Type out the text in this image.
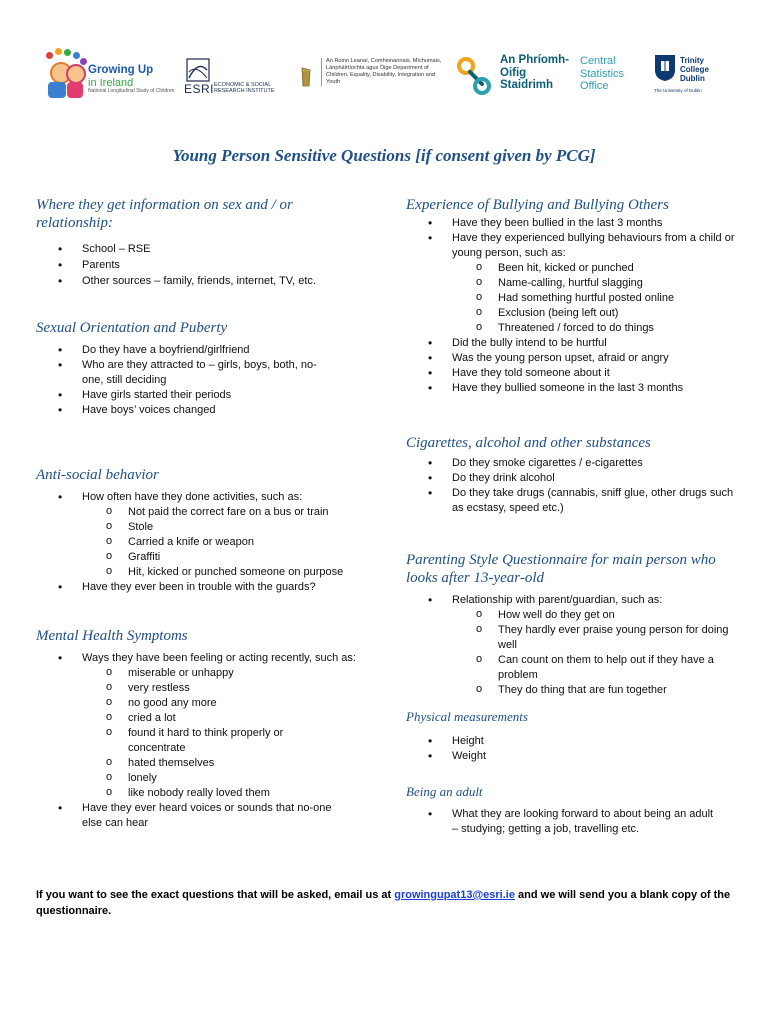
Growing Up
in Ireland
National Longitudinal Study of Children ESRI ECONOMIC & SOCIAL RESEARCH INSTITUTE
An Roinn Leanaí, Comhionannais, Míchumais, Lánpháirtíochta agus Óige Department of Children, Equality, Disability, Integration and Youth
An Phríomh-Oifig Staidrimh
Central Statistics Office
Trinity College Dublin
The University of Dublin
Young Person Sensitive Questions [if consent given by PCG]
Where they get information on sex and / or relationship:
• School – RSE
• Parents
• Other sources – family, friends, internet, TV, etc.
Sexual Orientation and Puberty
• Do they have a boyfriend/girlfriend
• Who are they attracted to – girls, boys, both, no-one, still deciding
• Have girls started their periods
• Have boys’ voices changed
Anti-social behavior
• How often have they done activities, such as:
o Not paid the correct fare on a bus or train
o Stole
o Carried a knife or weapon
o Graffiti
o Hit, kicked or punched someone on purpose
• Have they ever been in trouble with the guards?
Mental Health Symptoms
• Ways they have been feeling or acting recently, such as:
o miserable or unhappy
o very restless
o no good any more
o cried a lot
o found it hard to think properly or concentrate
o hated themselves
o lonely
o like nobody really loved them
• Have they ever heard voices or sounds that no-one else can hear
Experience of Bullying and Bullying Others
• Have they been bullied in the last 3 months
• Have they experienced bullying behaviours from a child or young person, such as:
o Been hit, kicked or punched
o Name-calling, hurtful slagging
o Had something hurtful posted online
o Exclusion (being left out)
o Threatened / forced to do things
• Did the bully intend to be hurtful
• Was the young person upset, afraid or angry
• Have they told someone about it
• Have they bullied someone in the last 3 months
Cigarettes, alcohol and other substances
• Do they smoke cigarettes / e-cigarettes
• Do they drink alcohol
• Do they take drugs (cannabis, sniff glue, other drugs such as ecstasy, speed etc.)
Parenting Style Questionnaire for main person who looks after 13-year-old
• Relationship with parent/guardian, such as:
o How well do they get on
o They hardly ever praise young person for doing well
o Can count on them to help out if they have a problem
o They do thing that are fun together
Physical measurements
• Height
• Weight
Being an adult
• What they are looking forward to about being an adult – studying; getting a job, travelling etc.
If you want to see the exact questions that will be asked, email us at growingupat13@esri.ie and we will send you a blank copy of the questionnaire.
